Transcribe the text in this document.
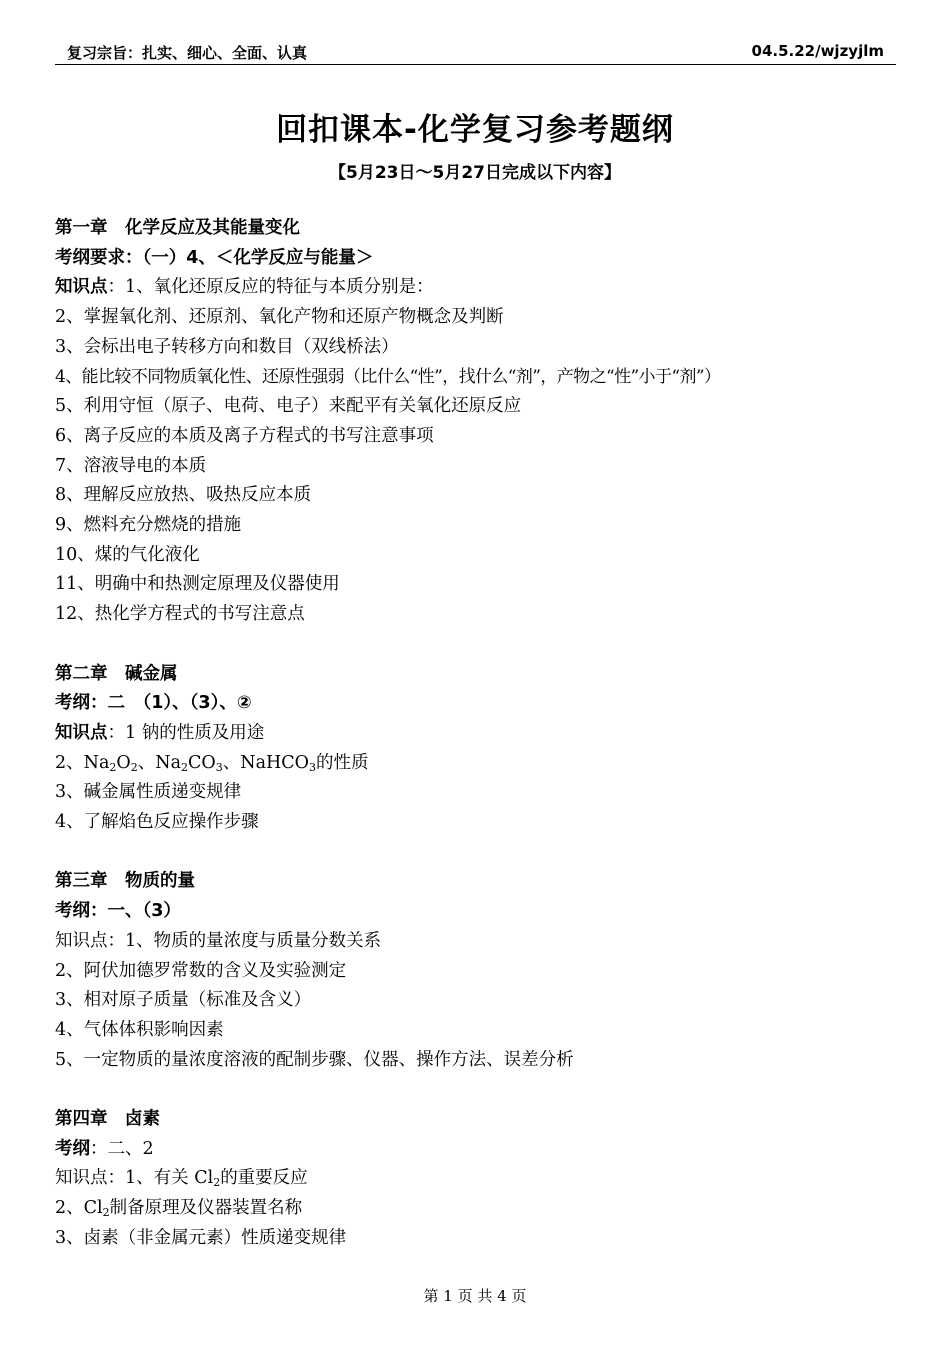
复习宗旨：扎实、细心、全面、认真	04.5.22/wjzyjlm
回扣课本-化学复习参考题纲
【5月23日～5月27日完成以下内容】
第一章　化学反应及其能量变化
考纲要求：（一）4、＜化学反应与能量＞
知识点：1、氧化还原反应的特征与本质分别是：
2、掌握氧化剂、还原剂、氧化产物和还原产物概念及判断
3、会标出电子转移方向和数目（双线桥法）
4、能比较不同物质氧化性、还原性强弱（比什么“性”，找什么“剂”，产物之“性”小于“剂”）
5、利用守恒（原子、电荷、电子）来配平有关氧化还原反应
6、离子反应的本质及离子方程式的书写注意事项
7、溶液导电的本质
8、理解反应放热、吸热反应本质
9、燃料充分燃烧的措施
10、煤的气化液化
11、明确中和热测定原理及仪器使用
12、热化学方程式的书写注意点
第二章　碱金属
考纲：二　（1）、（3）、②
知识点：1 钠的性质及用途
2、$Na_2O_2$、$Na_2CO_3$、NaHCO$_3$的性质
3、碱金属性质递变规律
4、了解焰色反应操作步骤
第三章　物质的量
考纲：一、（3）
知识点：1、物质的量浓度与质量分数关系
2、阿伏加德罗常数的含义及实验测定
3、相对原子质量（标准及含义）
4、气体体积影响因素
5、一定物质的量浓度溶液的配制步骤、仪器、操作方法、误差分析
第四章　卤素
考纲：二、2
知识点：1、有关 $Cl_2$的重要反应
2、$Cl_2$制备原理及仪器装置名称
3、卤素（非金属元素）性质递变规律
第 1 页 共 4 页
